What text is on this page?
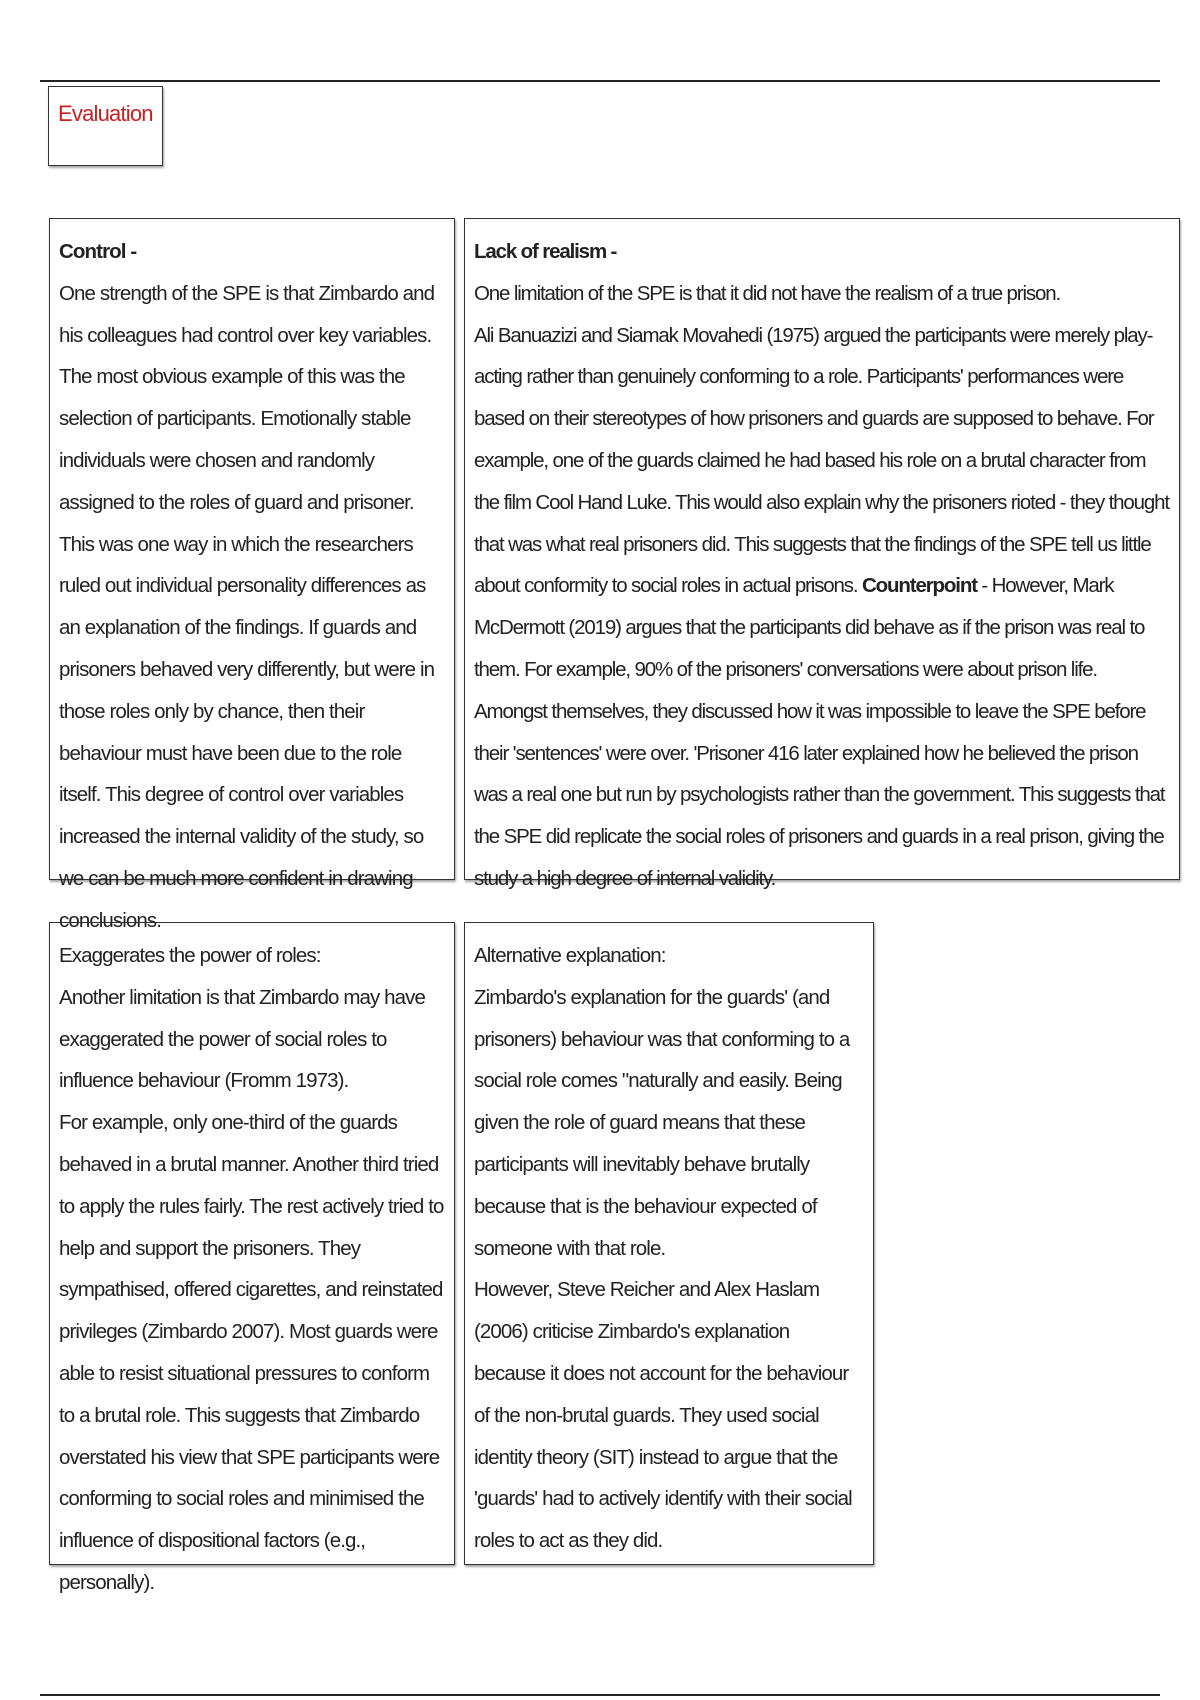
Evaluation

Control -

One strength of the SPE is that Zimbardo and his colleagues had control over key variables.

The most obvious example of this was the selection of participants. Emotionally stable individuals were chosen and randomly assigned to the roles of guard and prisoner. This was one way in which the researchers ruled out individual personality differences as an explanation of the findings. If guards and prisoners behaved very differently, but were in those roles only by chance, then their behaviour must have been due to the role itself. This degree of control over variables increased the internal validity of the study, so we can be much more confident in drawing conclusions.

Lack of realism -

One limitation of the SPE is that it did not have the realism of a true prison.

Ali Banuazizi and Siamak Movahedi (1975) argued the participants were merely play-acting rather than genuinely conforming to a role. Participants' performances were based on their stereotypes of how prisoners and guards are supposed to behave. For example, one of the guards claimed he had based his role on a brutal character from the film Cool Hand Luke. This would also explain why the prisoners rioted - they thought that was what real prisoners did. This suggests that the findings of the SPE tell us little about conformity to social roles in actual prisons. Counterpoint - However, Mark McDermott (2019) argues that the participants did behave as if the prison was real to them. For example, 90% of the prisoners' conversations were about prison life. Amongst themselves, they discussed how it was impossible to leave the SPE before their 'sentences' were over. 'Prisoner 416 later explained how he believed the prison was a real one but run by psychologists rather than the government. This suggests that the SPE did replicate the social roles of prisoners and guards in a real prison, giving the study a high degree of internal validity.

Exaggerates the power of roles:

Another limitation is that Zimbardo may have exaggerated the power of social roles to influence behaviour (Fromm 1973).

For example, only one-third of the guards behaved in a brutal manner. Another third tried to apply the rules fairly. The rest actively tried to help and support the prisoners. They sympathised, offered cigarettes, and reinstated privileges (Zimbardo 2007). Most guards were able to resist situational pressures to conform to a brutal role. This suggests that Zimbardo overstated his view that SPE participants were conforming to social roles and minimised the influence of dispositional factors (e.g., personally).

Alternative explanation:

Zimbardo's explanation for the guards' (and prisoners) behaviour was that conforming to a social role comes "naturally and easily. Being given the role of guard means that these participants will inevitably behave brutally because that is the behaviour expected of someone with that role.

However, Steve Reicher and Alex Haslam (2006) criticise Zimbardo's explanation because it does not account for the behaviour of the non-brutal guards. They used social identity theory (SIT) instead to argue that the 'guards' had to actively identify with their social roles to act as they did.
